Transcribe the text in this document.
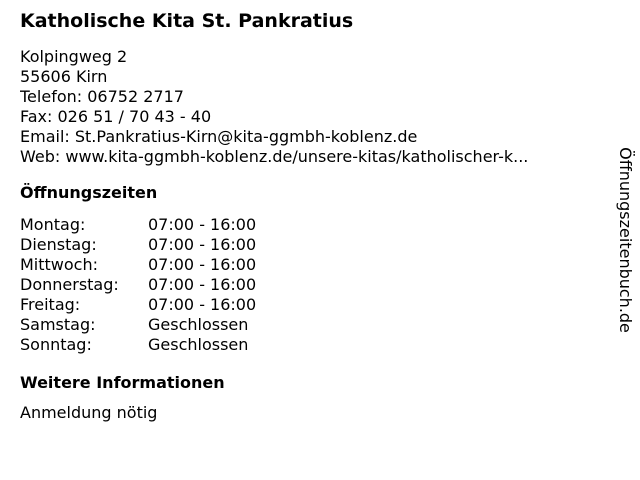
Katholische Kita St. Pankratius
Kolpingweg 2
55606 Kirn
Telefon: 06752 2717
Fax: 026 51 / 70 43 - 40
Email: St.Pankratius-Kirn@kita-ggmbh-koblenz.de
Web: www.kita-ggmbh-koblenz.de/unsere-kitas/katholischer-k...
Öffnungszeiten
Montag:	07:00 - 16:00
Dienstag:	07:00 - 16:00
Mittwoch:	07:00 - 16:00
Donnerstag:	07:00 - 16:00
Freitag:	07:00 - 16:00
Samstag:	Geschlossen
Sonntag:	Geschlossen
Weitere Informationen
Anmeldung nötig
Öffnungszeitenbuch.de
